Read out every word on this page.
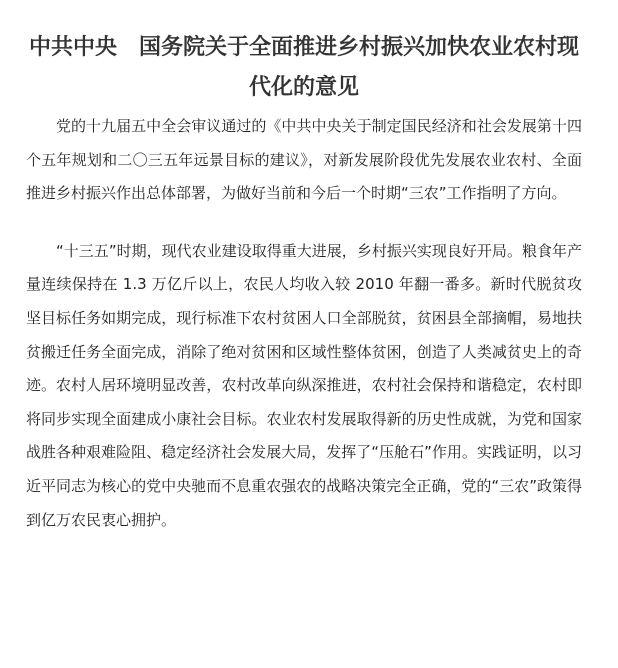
中共中央　国务院关于全面推进乡村振兴加快农业农村现代化的意见

党的十九届五中全会审议通过的《中共中央关于制定国民经济和社会发展第十四个五年规划和二〇三五年远景目标的建议》，对新发展阶段优先发展农业农村、全面推进乡村振兴作出总体部署，为做好当前和今后一个时期“三农”工作指明了方向。

“十三五”时期，现代农业建设取得重大进展，乡村振兴实现良好开局。粮食年产量连续保持在 1.3 万亿斤以上，农民人均收入较 2010 年翻一番多。新时代脱贫攻坚目标任务如期完成，现行标准下农村贫困人口全部脱贫，贫困县全部摘帽，易地扶贫搬迁任务全面完成，消除了绝对贫困和区域性整体贫困，创造了人类减贫史上的奇迹。农村人居环境明显改善，农村改革向纵深推进，农村社会保持和谐稳定，农村即将同步实现全面建成小康社会目标。农业农村发展取得新的历史性成就，为党和国家战胜各种艰难险阻、稳定经济社会发展大局，发挥了“压舱石”作用。实践证明，以习近平同志为核心的党中央驰而不息重农强农的战略决策完全正确，党的“三农”政策得到亿万农民衷心拥护。
